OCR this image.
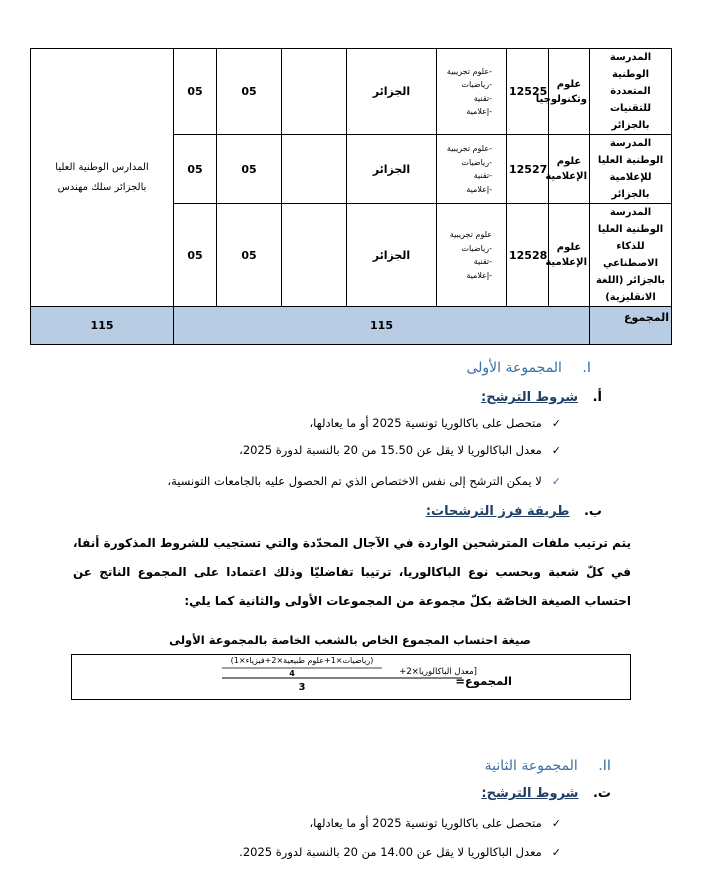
المدارس الوطنية العليا بالجزائر سلك مهندس	05	05		الجزائر	-علوم تجريبية
-رياضيات
-تقنية
-إعلامية	12525	علوم وتكنولوجيا	المدرسة الوطنية المتعددة للتقنيات بالجزائر
	05	05		الجزائر	-علوم تجريبية
-رياضيات
-تقنية
-إعلامية	12527	علوم الإعلامية	المدرسة الوطنية العليا للإعلامية بالجزائر
	05	05		الجزائر	علوم تجريبية
-رياضيات
-تقنية
-إعلامية	12528	علوم الإعلامية	المدرسة الوطنية العليا للذكاء الاصطناعي بالجزائر (اللغة الانقليزية)
115	115							المجموع
I. المجموعة الأولى
أ. شروط الترشح:
✓متحصل على باكالوريا تونسية 2025 أو ما يعادلها،
✓معدل الباكالوريا لا يقل عن 15.50 من 20 بالنسبة لدورة 2025،
✓لا يمكن الترشح إلى نفس الاختصاص الذي تم الحصول عليه بالجامعات التونسية،
ب. طريقة فرز الترشحات:
يتم ترتيب ملفات المترشحين الواردة في الآجال المحدّدة والتي تستجيب للشروط المذكورة أنفا، في كلّ شعبة وبحسب نوع الباكالوريا، ترتيبا تفاضليّا وذلك اعتمادا على المجموع الناتج عن احتساب الصيغة الخاصّة بكلّ مجموعة من المجموعات الأولى والثانية كما يلي:
صيغة احتساب المجموع الخاص بالشعب الخاصة بالمجموعة الأولى
(رياضيات×1+علوم طبيعية×2+فيزياء×1)
4	[معدل الباكالوريا×2+
3	المجموع=
II. المجموعة الثانية
ت. شروط الترشح:
✓متحصل على باكالوريا تونسية 2025 أو ما يعادلها،
✓معدل الباكالوريا لا يقل عن 14.00 من 20 بالنسبة لدورة 2025.
